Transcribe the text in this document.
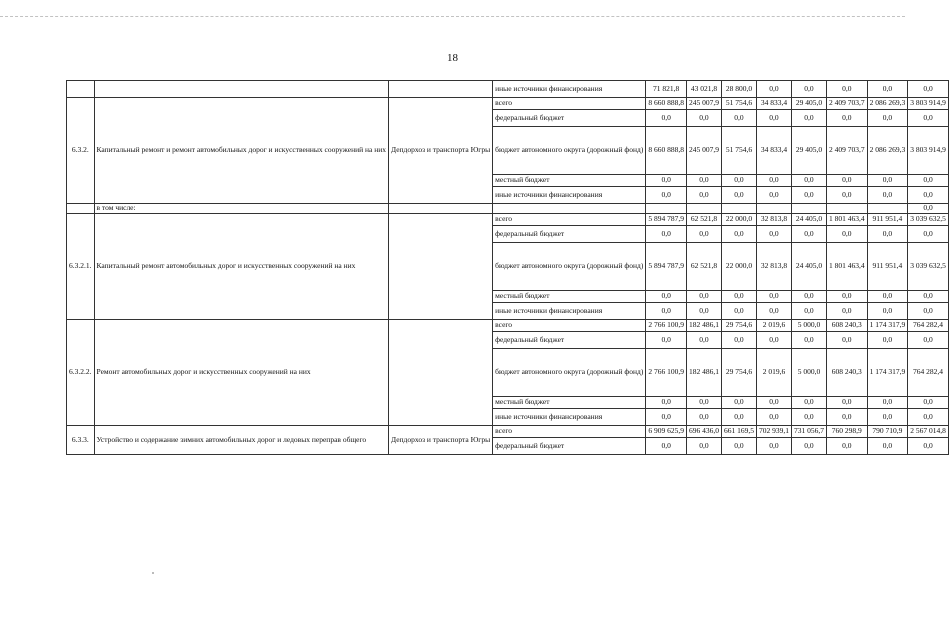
18
			иные источники финансирования	71 821,8	43 021,8	28 800,0	0,0	0,0	0,0	0,0	0,0
6.3.2.	Капитальный ремонт и ремонт автомобильных дорог и искусственных сооружений на них	Депдорхоз и транспорта Югры	всего	8 660 888,8	245 007,9	51 754,6	34 833,4	29 405,0	2 409 703,7	2 086 269,3	3 803 914,9
			федеральный бюджет	0,0	0,0	0,0	0,0	0,0	0,0	0,0	0,0
			бюджет автономного округа (дорожный фонд)	8 660 888,8	245 007,9	51 754,6	34 833,4	29 405,0	2 409 703,7	2 086 269,3	3 803 914,9
			местный бюджет	0,0	0,0	0,0	0,0	0,0	0,0	0,0	0,0
			иные источники финансирования	0,0	0,0	0,0	0,0	0,0	0,0	0,0	0,0
	в том числе:										0,0
6.3.2.1.	Капитальный ремонт автомобильных дорог и искусственных сооружений на них		всего	5 894 787,9	62 521,8	22 000,0	32 813,8	24 405,0	1 801 463,4	911 951,4	3 039 632,5
			федеральный бюджет	0,0	0,0	0,0	0,0	0,0	0,0	0,0	0,0
			бюджет автономного округа (дорожный фонд)	5 894 787,9	62 521,8	22 000,0	32 813,8	24 405,0	1 801 463,4	911 951,4	3 039 632,5
			местный бюджет	0,0	0,0	0,0	0,0	0,0	0,0	0,0	0,0
			иные источники финансирования	0,0	0,0	0,0	0,0	0,0	0,0	0,0	0,0
6.3.2.2.	Ремонт автомобильных дорог и искусственных сооружений на них		всего	2 766 100,9	182 486,1	29 754,6	2 019,6	5 000,0	608 240,3	1 174 317,9	764 282,4
			федеральный бюджет	0,0	0,0	0,0	0,0	0,0	0,0	0,0	0,0
			бюджет автономного округа (дорожный фонд)	2 766 100,9	182 486,1	29 754,6	2 019,6	5 000,0	608 240,3	1 174 317,9	764 282,4
			местный бюджет	0,0	0,0	0,0	0,0	0,0	0,0	0,0	0,0
			иные источники финансирования	0,0	0,0	0,0	0,0	0,0	0,0	0,0	0,0
6.3.3.	Устройство и содержание зимних автомобильных дорог и ледовых переправ общего	Депдорхоз и транспорта Югры	всего	6 909 625,9	696 436,0	661 169,5	702 939,1	731 056,7	760 298,9	790 710,9	2 567 014,8
			федеральный бюджет	0,0	0,0	0,0	0,0	0,0	0,0	0,0	0,0
